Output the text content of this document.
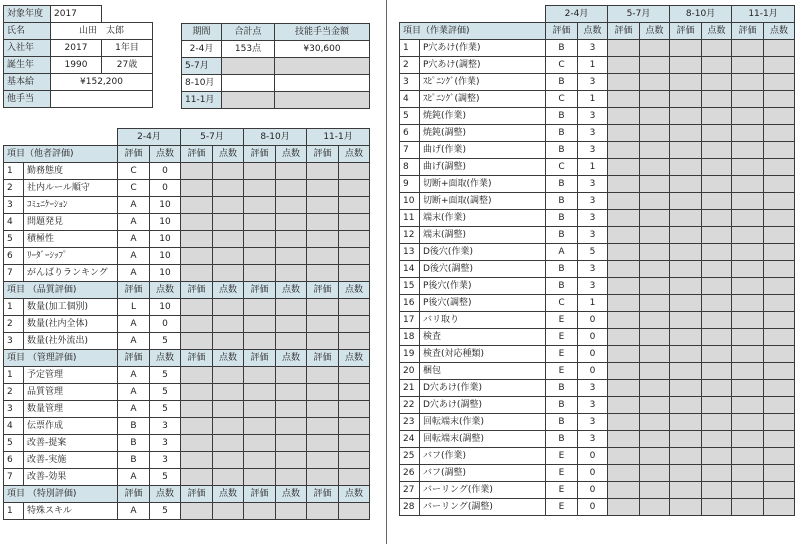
対象年度	2017	
氏名	山田　太郎	
入社年	2017	1年目
誕生年	1990	27歳
基本給	¥152,200	
他手当		
期間	合計点	技能手当金額
2-4月	153点	¥30,600
5-7月		
8-10月		
11-1月		
		2-4月		5-7月		8-10月		11-1月	
項目（他者評価)		評価	点数	評価	点数	評価	点数	評価	点数
1	勤務態度	C	0						
2	社内ルール順守	C	0						
3	ｺﾐｭﾆｹｰｼｮﾝ	A	10						
4	問題発見	A	10						
5	積極性	A	10						
6	ﾘｰﾀﾞｰｼｯﾌﾟ	A	10						
7	がんばりランキング	A	10						
項目 （品質評価)		評価	点数	評価	点数	評価	点数	評価	点数
1	数量(加工個別)	L	10						
2	数量(社内全体)	A	0						
3	数量(社外流出)	A	5						
項目 （管理評価)		評価	点数	評価	点数	評価	点数	評価	点数
1	予定管理	A	5						
2	品質管理	A	5						
3	数量管理	A	5						
4	伝票作成	B	3						
5	改善-提案	B	3						
6	改善-実施	B	3						
7	改善-効果	A	5						
項目 （特別評価)		評価	点数	評価	点数	評価	点数	評価	点数
1	特殊スキル	A	5						
		2-4月		5-7月		8-10月		11-1月	
項目（作業評価)		評価	点数	評価	点数	評価	点数	評価	点数
1	P穴あけ(作業)	B	3						
2	P穴あけ(調整)	C	1						
3	ｽﾋﾟﾆﾝｸﾞ(作業)	B	3						
4	ｽﾋﾟﾆﾝｸﾞ(調整)	C	1						
5	焼鈍(作業)	B	3						
6	焼鈍(調整)	B	3						
7	曲げ(作業)	B	3						
8	曲げ(調整)	C	1						
9	切断+面取(作業)	B	3						
10	切断+面取(調整)	B	3						
11	端末(作業)	B	3						
12	端末(調整)	B	3						
13	D後穴(作業)	A	5						
14	D後穴(調整)	B	3						
15	P後穴(作業)	B	3						
16	P後穴(調整)	C	1						
17	バリ取り	E	0						
18	検査	E	0						
19	検査(対応種類)	E	0						
20	梱包	E	0						
21	D穴あけ(作業)	B	3						
22	D穴あけ(調整)	B	3						
23	回転端末(作業)	B	3						
24	回転端末(調整)	B	3						
25	バフ(作業)	E	0						
26	バフ(調整)	E	0						
27	バーリング(作業)	E	0						
28	バーリング(調整)	E	0						
